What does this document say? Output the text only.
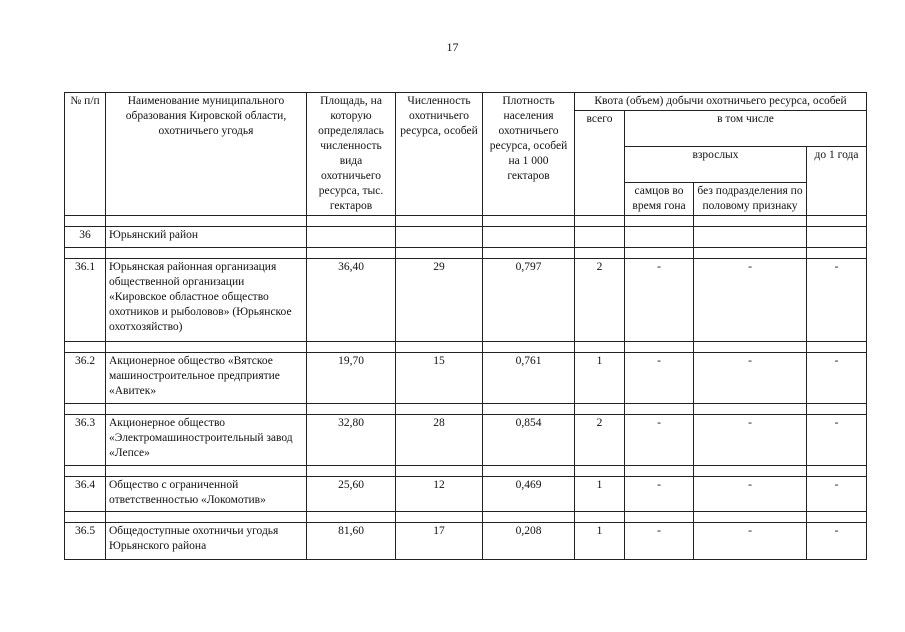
17
№ п/п	Наименование муниципального образования Кировской области, охотничьего угодья	Площадь, на которую определялась численность вида охотничьего ресурса, тыс. гектаров	Численность охотничьего ресурса, особей	Плотность населения охотничьего ресурса, особей на 1 000 гектаров	Квота (объем) добычи охотничьего ресурса, особей			
					всего	в том числе		
						взрослых		до 1 года
						самцов во время гона	без подразделения по половому признаку	

36	Юрьянский район							

36.1	Юрьянская районная организация общественной организации «Кировское областное общество охотников и рыболовов» (Юрьянское охотхозяйство)	36,40	29	0,797	2	-	-	-

36.2	Акционерное общество «Вятское машиностроительное предприятие «Авитек»	19,70	15	0,761	1	-	-	-

36.3	Акционерное общество «Электромашиностроительный завод «Лепсе»	32,80	28	0,854	2	-	-	-

36.4	Общество с ограниченной ответственностью «Локомотив»	25,60	12	0,469	1	-	-	-

36.5	Общедоступные охотничьи угодья Юрьянского района	81,60	17	0,208	1	-	-	-
